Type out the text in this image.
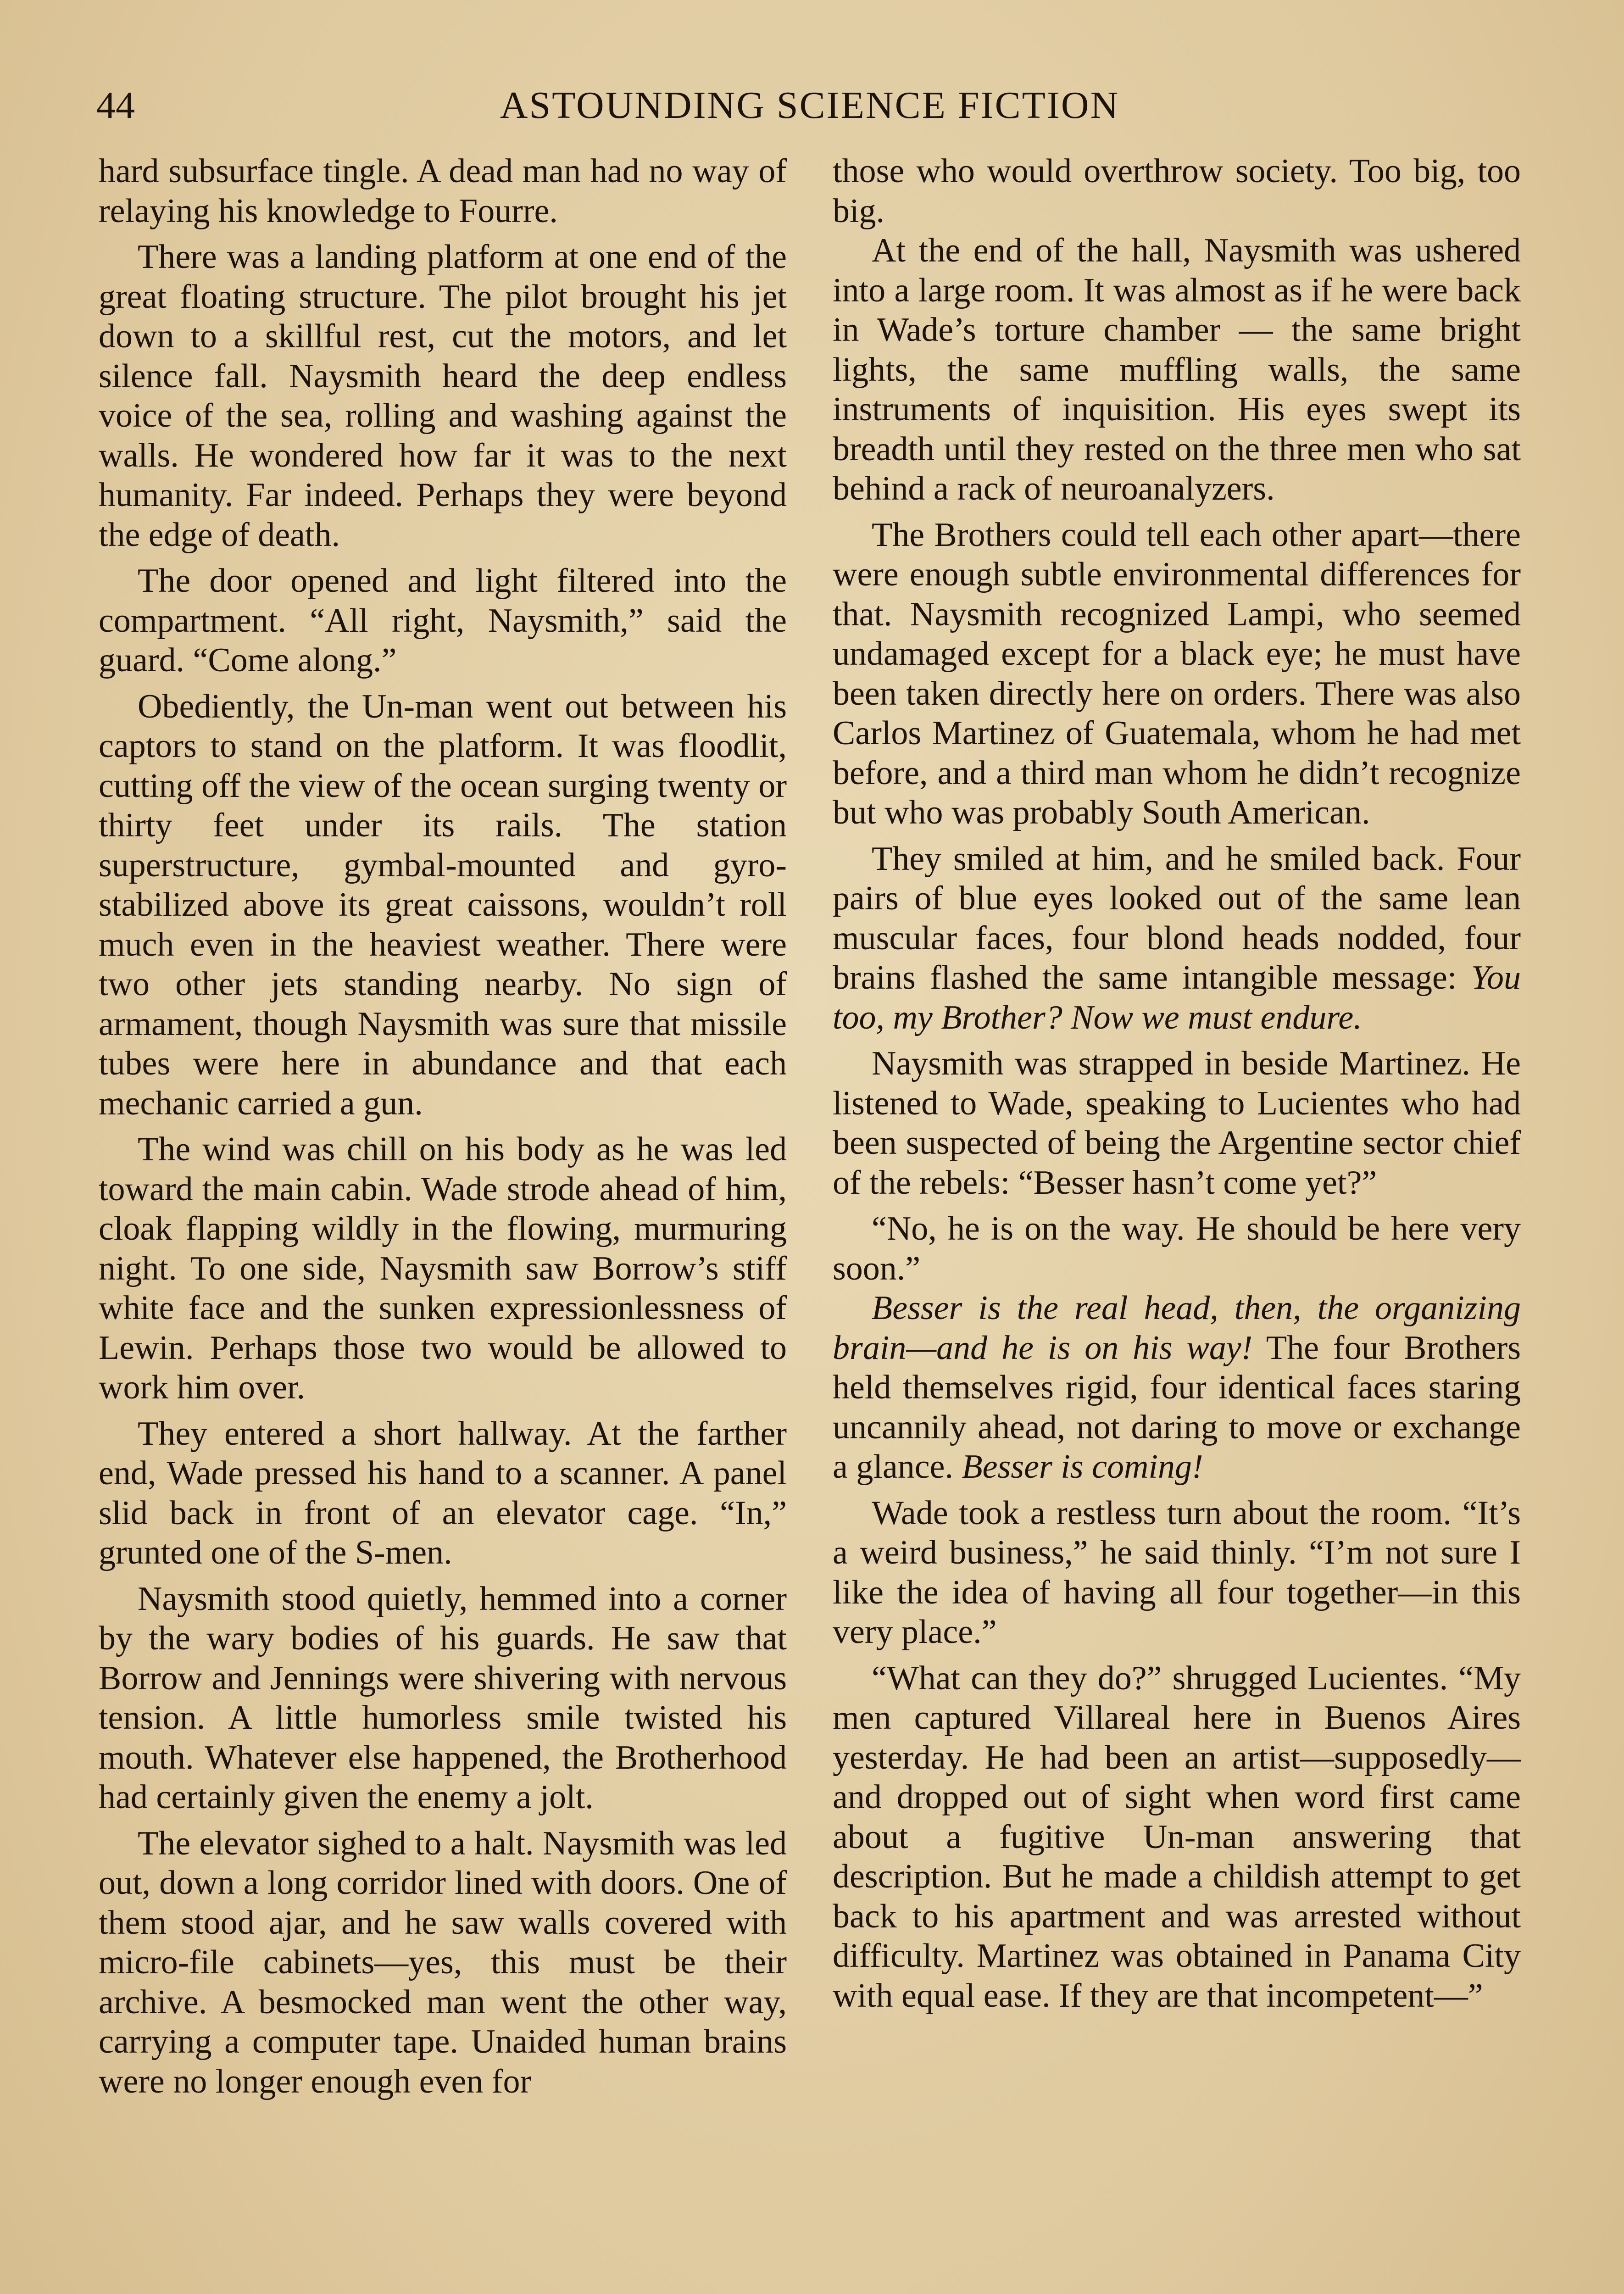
44	ASTOUNDING SCIENCE FICTION

hard subsurface tingle. A dead man had no way of relaying his knowledge to Fourre.

There was a landing platform at one end of the great floating structure. The pilot brought his jet down to a skillful rest, cut the motors, and let silence fall. Naysmith heard the deep endless voice of the sea, rolling and washing against the walls. He wondered how far it was to the next humanity. Far indeed. Perhaps they were beyond the edge of death.

The door opened and light filtered into the compartment. “All right, Naysmith,” said the guard. “Come along.”

Obediently, the Un-man went out between his captors to stand on the platform. It was floodlit, cutting off the view of the ocean surging twenty or thirty feet under its rails. The station superstructure, gymbal-mounted and gyro-stabilized above its great caissons, wouldn’t roll much even in the heaviest weather. There were two other jets standing nearby. No sign of armament, though Naysmith was sure that missile tubes were here in abundance and that each mechanic carried a gun.

The wind was chill on his body as he was led toward the main cabin. Wade strode ahead of him, cloak flapping wildly in the flowing, murmuring night. To one side, Naysmith saw Borrow’s stiff white face and the sunken expressionlessness of Lewin. Perhaps those two would be allowed to work him over.

They entered a short hallway. At the farther end, Wade pressed his hand to a scanner. A panel slid back in front of an elevator cage. “In,” grunted one of the S-men.

Naysmith stood quietly, hemmed into a corner by the wary bodies of his guards. He saw that Borrow and Jennings were shivering with nervous tension. A little humorless smile twisted his mouth. Whatever else happened, the Brotherhood had certainly given the enemy a jolt.

The elevator sighed to a halt. Naysmith was led out, down a long corridor lined with doors. One of them stood ajar, and he saw walls covered with micro-file cabinets—yes, this must be their archive. A besmocked man went the other way, carrying a computer tape. Unaided human brains were no longer enough even for

those who would overthrow society. Too big, too big.

At the end of the hall, Naysmith was ushered into a large room. It was almost as if he were back in Wade’s torture chamber — the same bright lights, the same muffling walls, the same instruments of inquisition. His eyes swept its breadth until they rested on the three men who sat behind a rack of neuroanalyzers.

The Brothers could tell each other apart—there were enough subtle environmental differences for that. Naysmith recognized Lampi, who seemed undamaged except for a black eye; he must have been taken directly here on orders. There was also Carlos Martinez of Guatemala, whom he had met before, and a third man whom he didn’t recognize but who was probably South American.

They smiled at him, and he smiled back. Four pairs of blue eyes looked out of the same lean muscular faces, four blond heads nodded, four brains flashed the same intangible message: You too, my Brother? Now we must endure.

Naysmith was strapped in beside Martinez. He listened to Wade, speaking to Lucientes who had been suspected of being the Argentine sector chief of the rebels: “Besser hasn’t come yet?”

“No, he is on the way. He should be here very soon.”

Besser is the real head, then, the organizing brain—and he is on his way! The four Brothers held themselves rigid, four identical faces staring uncannily ahead, not daring to move or exchange a glance. Besser is coming!

Wade took a restless turn about the room. “It’s a weird business,” he said thinly. “I’m not sure I like the idea of having all four together—in this very place.”

“What can they do?” shrugged Lucientes. “My men captured Villareal here in Buenos Aires yesterday. He had been an artist—supposedly—and dropped out of sight when word first came about a fugitive Un-man answering that description. But he made a childish attempt to get back to his apartment and was arrested without difficulty. Martinez was obtained in Panama City with equal ease. If they are that incompetent—”
